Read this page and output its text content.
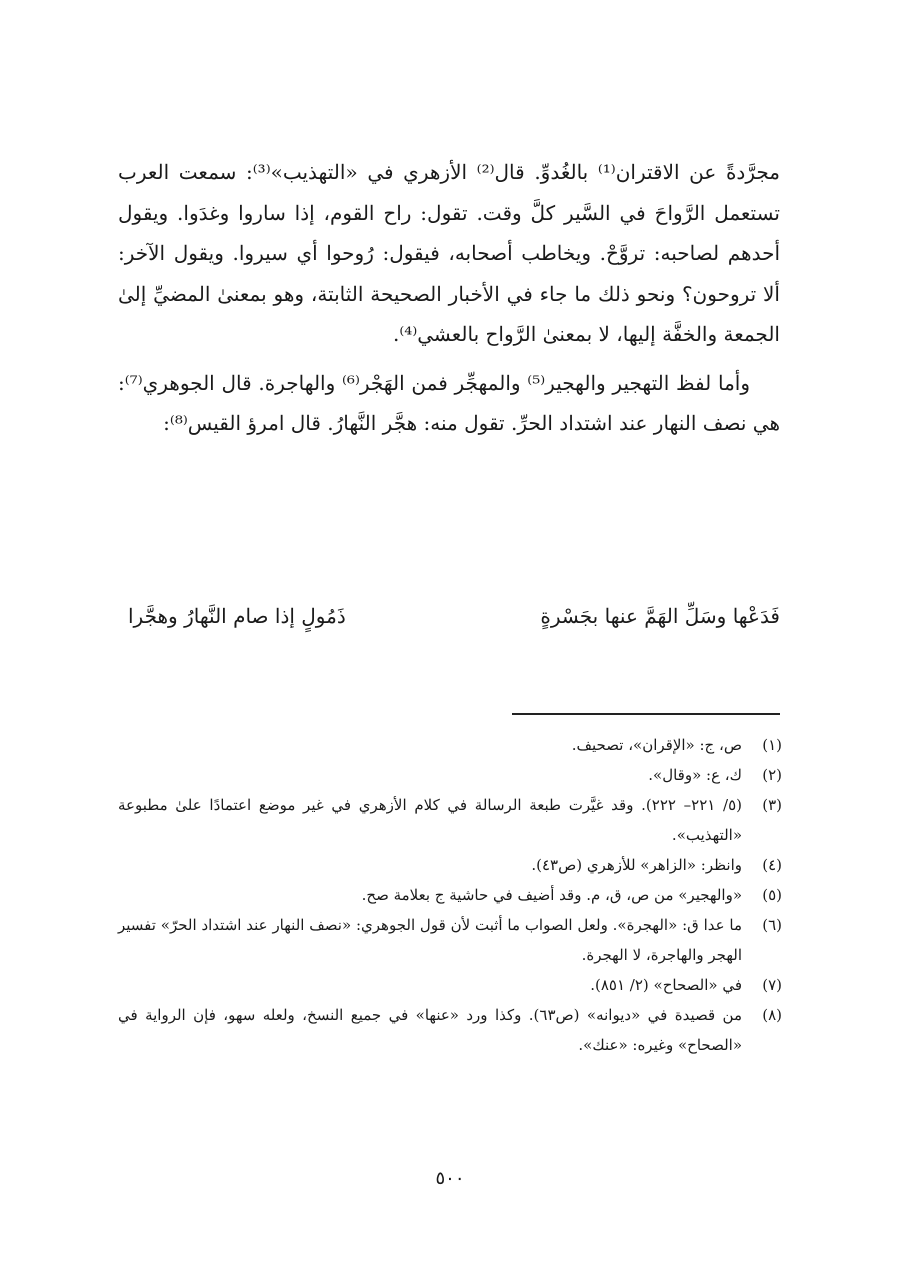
مجرَّدةً عن الاقتران⁽¹⁾ بالغُدوِّ. قال⁽²⁾ الأزهري في «التهذيب»⁽³⁾: سمعت العرب تستعمل الرَّواحَ في السَّير كلَّ وقت. تقول: راح القوم، إذا ساروا وغدَوا. ويقول أحدهم لصاحبه: تروَّحْ. ويخاطب أصحابه، فيقول: رُوحوا أي سيروا. ويقول الآخر: ألا تروحون؟ ونحو ذلك ما جاء في الأخبار الصحيحة الثابتة، وهو بمعنىٰ المضيِّ إلىٰ الجمعة والخفَّة إليها، لا بمعنىٰ الرَّواح بالعشي⁽⁴⁾.

وأما لفظ التهجير والهجير⁽⁵⁾ والمهجِّر فمن الهَجْر⁽⁶⁾ والهاجرة. قال الجوهري⁽⁷⁾: هي نصف النهار عند اشتداد الحرِّ. تقول منه: هجَّر النَّهارُ. قال امرؤ القيس⁽⁸⁾:

فَدَعْها وسَلِّ الهَمَّ عنها بجَسْرةٍ
ذَمُولٍ إذا صام النَّهارُ وهجَّرا
(١)
ص، ج: «الإقران»، تصحيف.
(٢)
ك، ع: «وقال».
(٣)
(٥/ ٢٢١– ٢٢٢). وقد غيَّرت طبعة الرسالة في كلام الأزهري في غير موضع اعتمادًا علىٰ مطبوعة «التهذيب».
(٤)
وانظر: «الزاهر» للأزهري (ص٤٣).
(٥)
«والهجير» من ص، ق، م. وقد أضيف في حاشية ج بعلامة صح.
(٦)
ما عدا ق: «الهجرة». ولعل الصواب ما أثبت لأن قول الجوهري: «نصف النهار عند اشتداد الحرّ» تفسير الهجر والهاجرة، لا الهجرة.
(٧)
في «الصحاح» (٢/ ٨٥١).
(٨)
من قصيدة في «ديوانه» (ص٦٣). وكذا ورد «عنها» في جميع النسخ، ولعله سهو، فإن الرواية في «الصحاح» وغيره: «عنك».
٥٠٠
